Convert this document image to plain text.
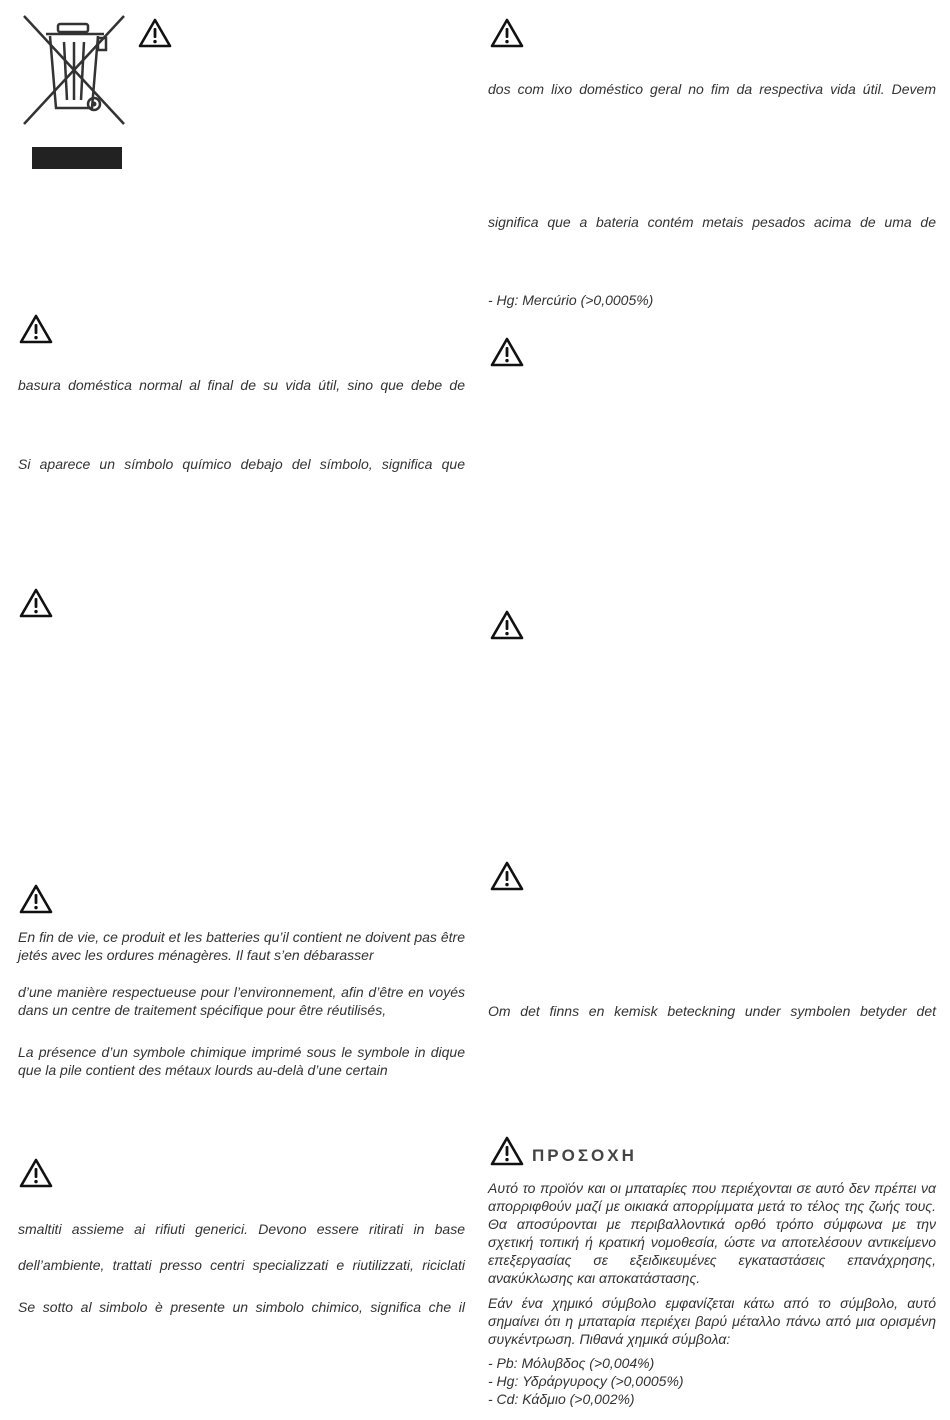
dos com lixo doméstico geral no fim da respectiva vida útil. Devem

significa que a bateria contém metais pesados acima de uma de

- Hg: Mercúrio (>0,0005%)

basura doméstica normal al final de su vida útil, sino que debe de

Si aparece un símbolo químico debajo del símbolo, significa que

En fin de vie, ce produit et les batteries qu’il contient ne doivent pas être jetés avec les ordures ménagères. Il faut s’en débarasser

d’une manière respectueuse pour l’environnement, afin d’être en voyés dans un centre de traitement spécifique pour être réutilisés,

La présence d’un symbole chimique imprimé sous le symbole in dique que la pile contient des métaux lourds au-delà d’une certain

Om det finns en kemisk beteckning under symbolen betyder det

smaltiti assieme ai rifiuti generici. Devono essere ritirati in base

dell’ambiente, trattati presso centri specializzati e riutilizzati, riciclati

Se sotto al simbolo è presente un simbolo chimico, significa che il

ΠΡΟΣΟΧΗ

Αυτό το προϊόν και οι μπαταρίες που περιέχονται σε αυτό δεν πρέπει να απορριφθούν μαζί με οικιακά απορρίμματα μετά το τέλος της ζωής τους. Θα αποσύρονται με περιβαλλοντικά ορθό τρόπο σύμφωνα με την σχετική τοπική ή κρατική νομοθεσία, ώστε να αποτελέσουν αντικείμενο επεξεργασίας σε εξειδικευμένες εγκαταστάσεις επανάχρησης, ανακύκλωσης και αποκατάστασης.

Εάν ένα χημικό σύμβολο εμφανίζεται κάτω από το σύμβολο, αυτό σημαίνει ότι η μπαταρία περιέχει βαρύ μέταλλο πάνω από μια ορισμένη συγκέντρωση. Πιθανά χημικά σύμβολα:

- Pb: Μόλυβδος (>0,004%)
- Hg: Υδράργυροςy (>0,0005%)
- Cd: Κάδμιο (>0,002%)
